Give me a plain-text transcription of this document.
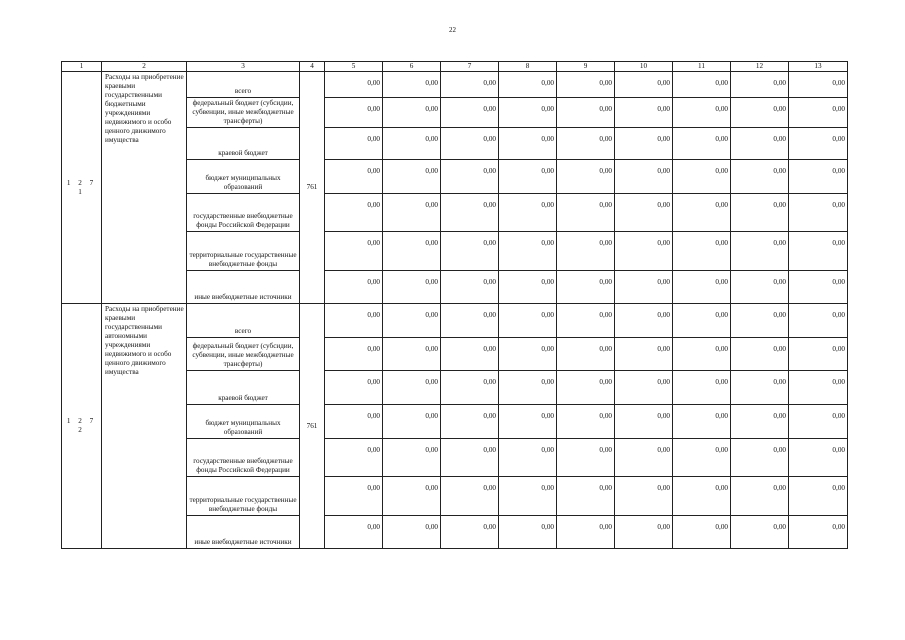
22
1	2	3	4	5	6	7	8	9	10	11	12	13
1 2 7 1	Расходы на приобретение краевыми государственными бюджетными учреждениями недвижимого и особо ценного движимого имущества	всего	761	0,00	0,00	0,00	0,00	0,00	0,00	0,00	0,00	0,00
		федеральный бюджет (субсидии, субвенции, иные межбюджетные трансферты)		0,00	0,00	0,00	0,00	0,00	0,00	0,00	0,00	0,00
		краевой бюджет		0,00	0,00	0,00	0,00	0,00	0,00	0,00	0,00	0,00
		бюджет муниципальных образований		0,00	0,00	0,00	0,00	0,00	0,00	0,00	0,00	0,00
		государственные внебюджетные фонды Российской Федерации		0,00	0,00	0,00	0,00	0,00	0,00	0,00	0,00	0,00
		территориальные государственные внебюджетные фонды		0,00	0,00	0,00	0,00	0,00	0,00	0,00	0,00	0,00
		иные внебюджетные источники		0,00	0,00	0,00	0,00	0,00	0,00	0,00	0,00	0,00
1 2 7 2	Расходы на приобретение краевыми государственными автономными учреждениями недвижимого и особо ценного движимого имущества	всего	761	0,00	0,00	0,00	0,00	0,00	0,00	0,00	0,00	0,00
		федеральный бюджет (субсидии, субвенции, иные межбюджетные трансферты)		0,00	0,00	0,00	0,00	0,00	0,00	0,00	0,00	0,00
		краевой бюджет		0,00	0,00	0,00	0,00	0,00	0,00	0,00	0,00	0,00
		бюджет муниципальных образований		0,00	0,00	0,00	0,00	0,00	0,00	0,00	0,00	0,00
		государственные внебюджетные фонды Российской Федерации		0,00	0,00	0,00	0,00	0,00	0,00	0,00	0,00	0,00
		территориальные государственные внебюджетные фонды		0,00	0,00	0,00	0,00	0,00	0,00	0,00	0,00	0,00
		иные внебюджетные источники		0,00	0,00	0,00	0,00	0,00	0,00	0,00	0,00	0,00
